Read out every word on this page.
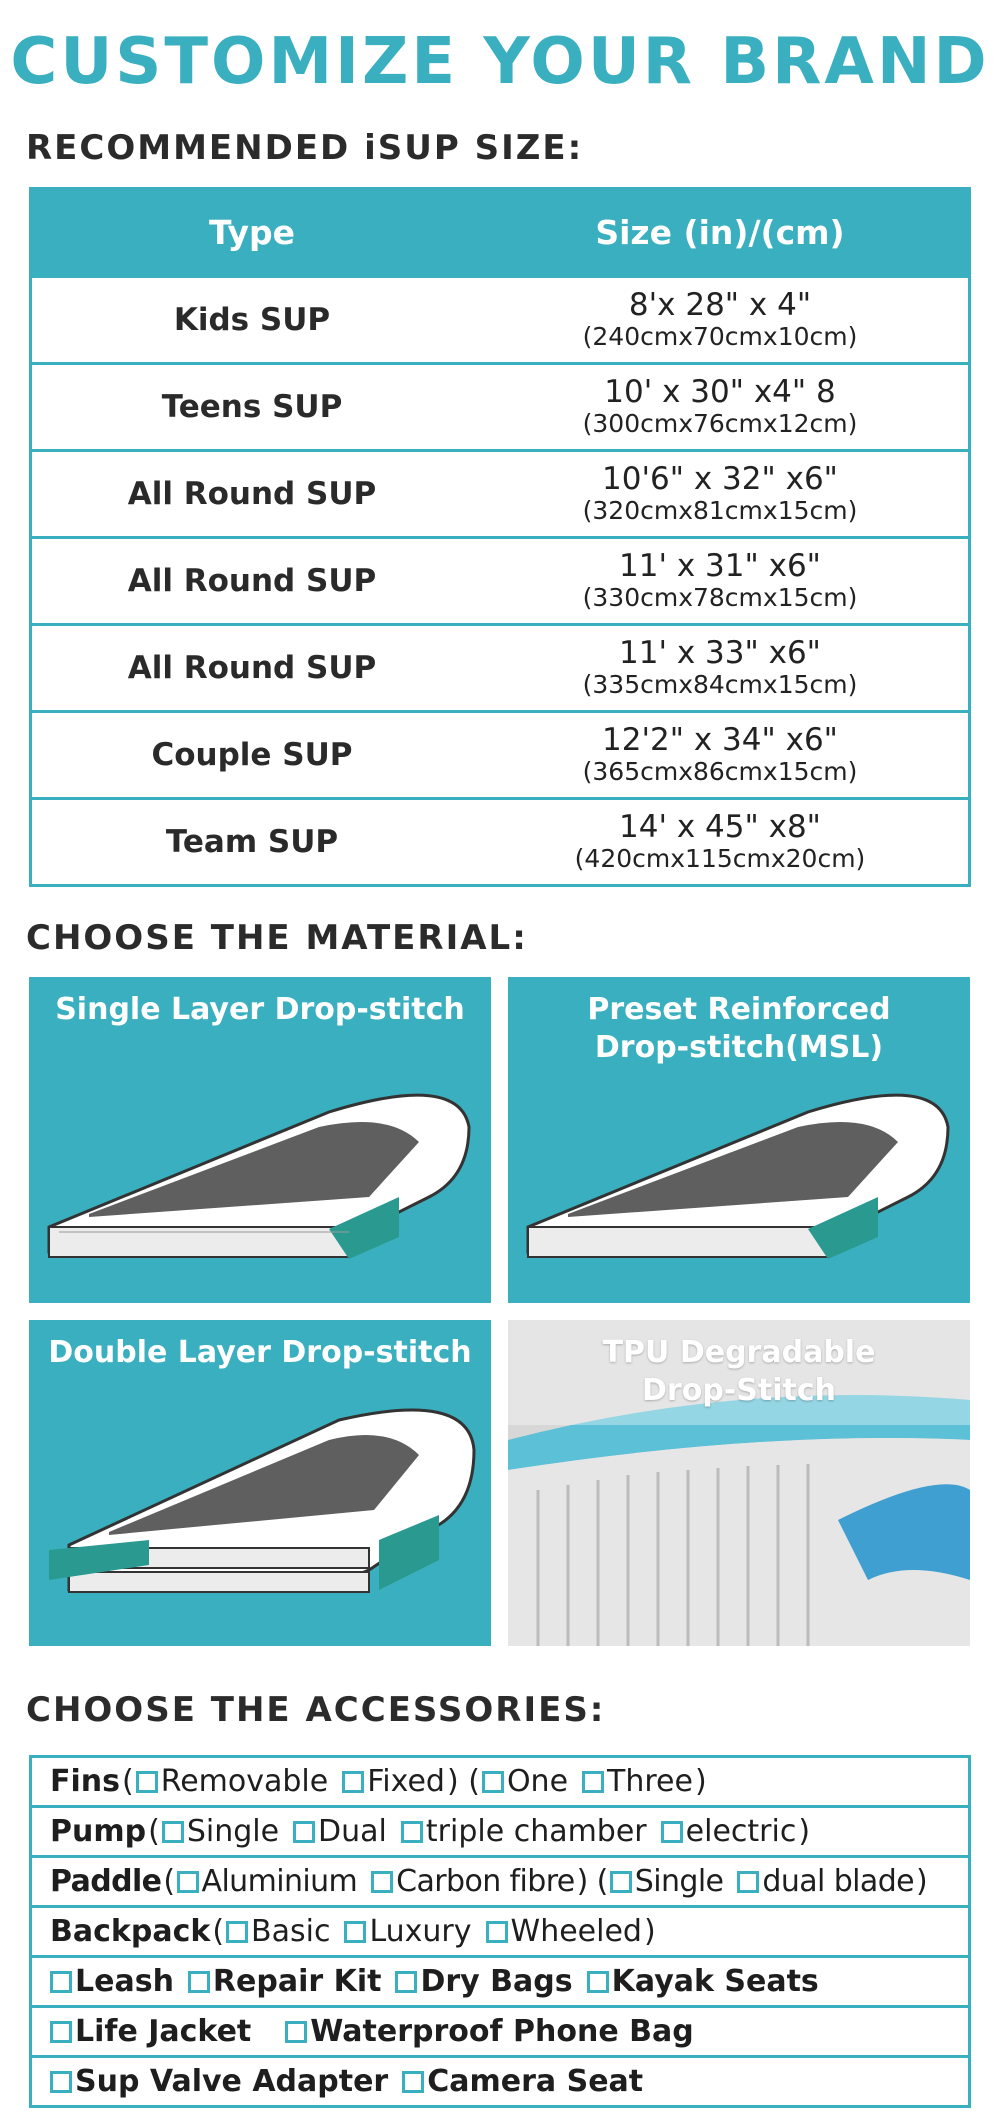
CUSTOMIZE YOUR BRAND
RECOMMENDED iSUP SIZE:
Type	Size (in)/(cm)
Kids SUP	8'x 28" x 4"
(240cmx70cmx10cm)
Teens SUP	10' x 30" x4" 8
(300cmx76cmx12cm)
All Round SUP	10'6" x 32" x6"
(320cmx81cmx15cm)
All Round SUP	11' x 31" x6"
(330cmx78cmx15cm)
All Round SUP	11' x 33" x6"
(335cmx84cmx15cm)
Couple SUP	12'2" x 34" x6"
(365cmx86cmx15cm)
Team SUP	14' x 45" x8"
(420cmx115cmx20cm)
CHOOSE THE MATERIAL:
Single Layer Drop-stitch	Preset Reinforced
Drop-stitch(MSL)
Double Layer Drop-stitch	TPU Degradable
Drop-Stitch
CHOOSE THE ACCESSORIES:
Fins ( Removable	Fixed ) ( One	Three )
Pump ( Single	Dual	triple chamber	electric )
Paddle ( Aluminium	Carbon fibre ) ( Single	dual blade )
Backpack ( Basic	Luxury	Wheeled )
Leash	Repair Kit	Dry Bags	Kayak Seats
Life Jacket	Waterproof Phone Bag
Sup Valve Adapter	Camera Seat
